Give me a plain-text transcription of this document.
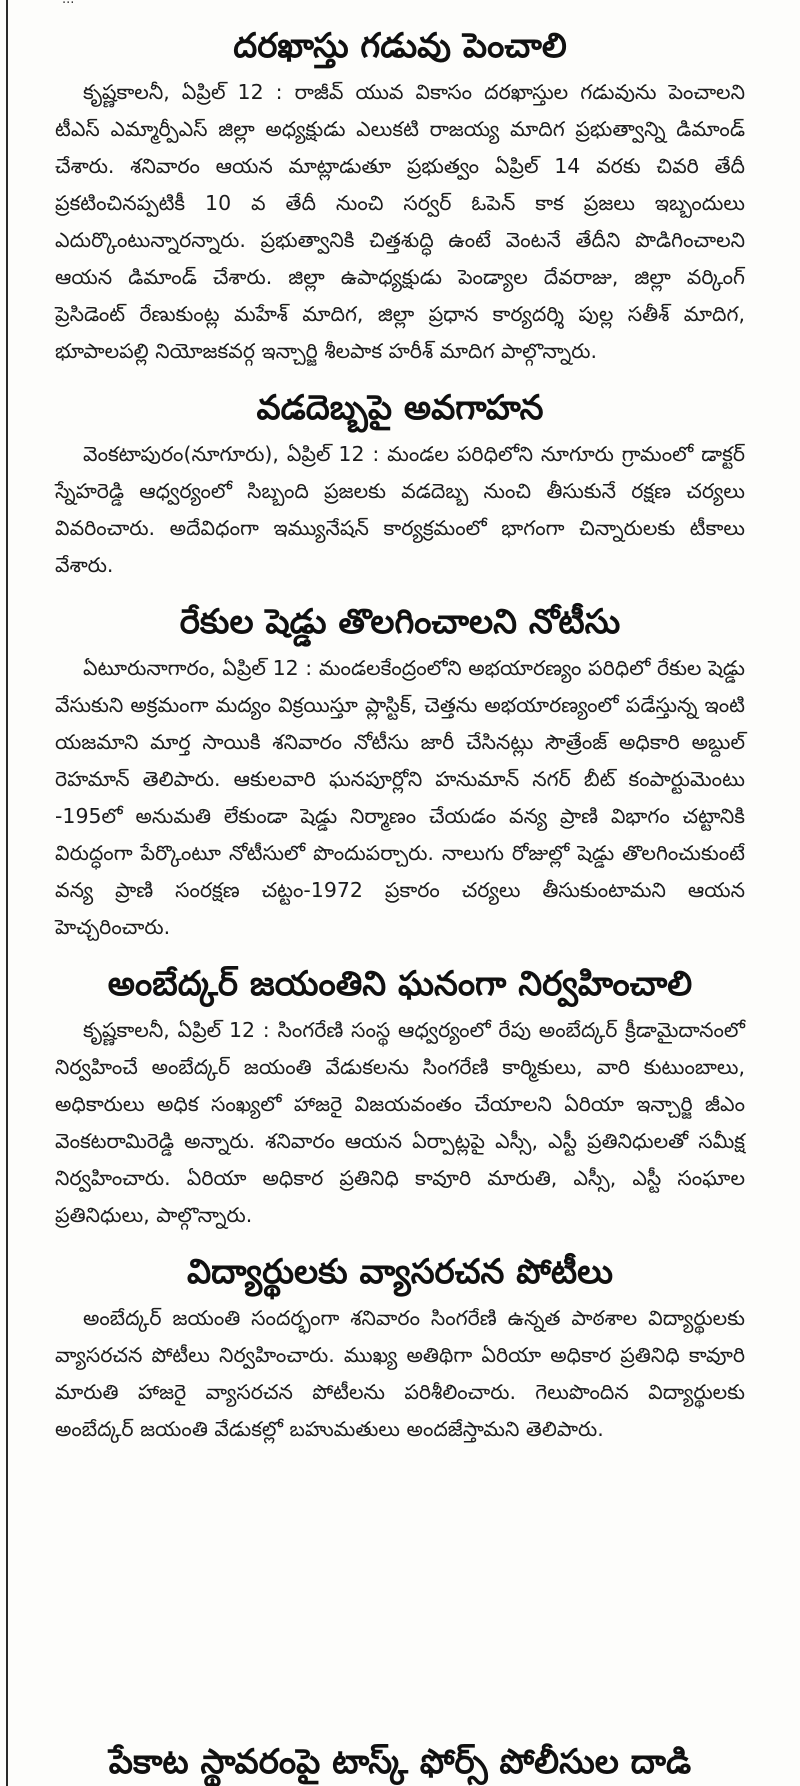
దరఖాస్తు గడువు పెంచాలి

కృష్ణకాలనీ, ఏప్రిల్ 12 : రాజీవ్ యువ వికాసం దరఖాస్తుల గడువును పెంచాలని టీఎస్ ఎమ్మార్పీఎస్ జిల్లా అధ్యక్షుడు ఎలుకటి రాజయ్య మాదిగ ప్రభుత్వాన్ని డిమాండ్ చేశారు. శనివారం ఆయన మాట్లాడుతూ ప్రభుత్వం ఏప్రిల్ 14 వరకు చివరి తేదీ ప్రకటించినప్పటికీ 10 వ తేదీ నుంచి సర్వర్ ఓపెన్ కాక ప్రజలు ఇబ్బందులు ఎదుర్కొంటున్నారన్నారు. ప్రభుత్వానికి చిత్తశుద్ధి ఉంటే వెంటనే తేదీని పొడిగించాలని ఆయన డిమాండ్ చేశారు. జిల్లా ఉపాధ్యక్షుడు పెండ్యాల దేవరాజు, జిల్లా వర్కింగ్ ప్రెసిడెంట్ రేణుకుంట్ల మహేశ్ మాదిగ, జిల్లా ప్రధాన కార్యదర్శి పుల్ల సతీశ్ మాదిగ, భూపాలపల్లి నియోజకవర్గ ఇన్చార్జి శీలపాక హరీశ్ మాదిగ పాల్గొన్నారు.

వడదెబ్బపై అవగాహన

వెంకటాపురం(నూగూరు), ఏప్రిల్ 12 : మండల పరిధిలోని నూగూరు గ్రామంలో డాక్టర్ స్నేహరెడ్డి ఆధ్వర్యంలో సిబ్బంది ప్రజలకు వడదెబ్బ నుంచి తీసుకునే రక్షణ చర్యలు వివరించారు. అదేవిధంగా ఇమ్యునేషన్ కార్యక్రమంలో భాగంగా చిన్నారులకు టీకాలు వేశారు.

రేకుల షెడ్డు తొలగించాలని నోటీసు

ఏటూరునాగారం, ఏప్రిల్ 12 : మండలకేంద్రంలోని అభయారణ్యం పరిధిలో రేకుల షెడ్డు వేసుకుని అక్రమంగా మద్యం విక్రయిస్తూ ప్లాస్టిక్, చెత్తను అభయారణ్యంలో పడేస్తున్న ఇంటి యజమాని మార్త సాయికి శనివారం నోటీసు జారీ చేసినట్లు సౌత్రేంజ్ అధికారి అబ్దుల్ రెహమాన్ తెలిపారు. ఆకులవారి ఘనపూర్లోని హనుమాన్ నగర్ బీట్ కంపార్టుమెంటు -195లో అనుమతి లేకుండా షెడ్డు నిర్మాణం చేయడం వన్య ప్రాణి విభాగం చట్టానికి విరుద్ధంగా పేర్కొంటూ నోటీసులో పొందుపర్చారు. నాలుగు రోజుల్లో షెడ్డు తొలగించుకుంటే వన్య ప్రాణి సంరక్షణ చట్టం-1972 ప్రకారం చర్యలు తీసుకుంటామని ఆయన హెచ్చరించారు.

అంబేద్కర్ జయంతిని ఘనంగా నిర్వహించాలి

కృష్ణకాలనీ, ఏప్రిల్ 12 : సింగరేణి సంస్థ ఆధ్వర్యంలో రేపు అంబేద్కర్ క్రీడామైదానంలో నిర్వహించే అంబేద్కర్ జయంతి వేడుకలను సింగరేణి కార్మికులు, వారి కుటుంబాలు, అధికారులు అధిక సంఖ్యలో హాజరై విజయవంతం చేయాలని ఏరియా ఇన్చార్జి జీఎం వెంకటరామిరెడ్డి అన్నారు. శనివారం ఆయన ఏర్పాట్లపై ఎస్సీ, ఎస్టీ ప్రతినిధులతో సమీక్ష నిర్వహించారు. ఏరియా అధికార ప్రతినిధి కావూరి మారుతి, ఎస్సీ, ఎస్టీ సంఘాల ప్రతినిధులు, పాల్గొన్నారు.

విద్యార్థులకు వ్యాసరచన పోటీలు

అంబేద్కర్ జయంతి సందర్భంగా శనివారం సింగరేణి ఉన్నత పాఠశాల విద్యార్థులకు వ్యాసరచన పోటీలు నిర్వహించారు. ముఖ్య అతిథిగా ఏరియా అధికార ప్రతినిధి కావూరి మారుతి హాజరై వ్యాసరచన పోటీలను పరిశీలించారు. గెలుపొందిన విద్యార్థులకు అంబేద్కర్ జయంతి వేడుకల్లో బహుమతులు అందజేస్తామని తెలిపారు.

పేకాట స్థావరంపై టాస్క్ ఫోర్స్ పోలీసుల దాడి
